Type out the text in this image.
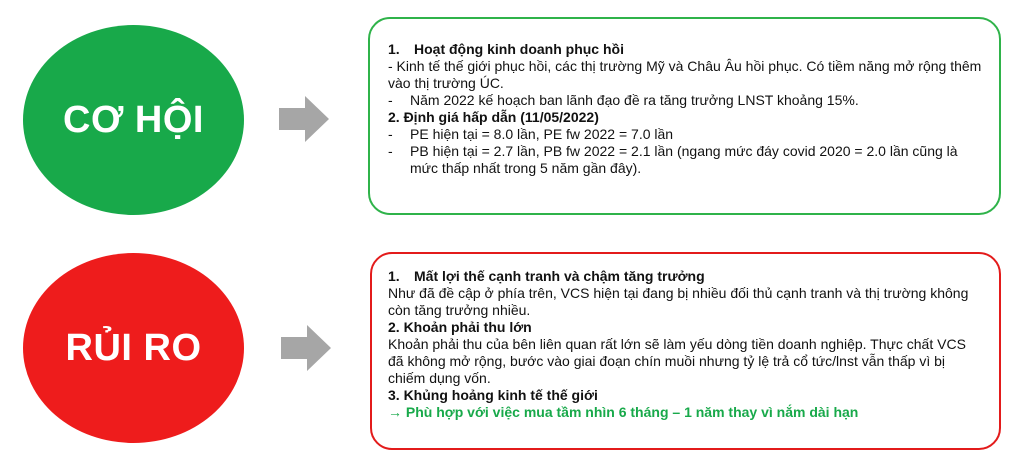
CƠ HỘI
1. Hoạt động kinh doanh phục hồi
- Kinh tế thế giới phục hồi, các thị trường Mỹ và Châu Âu hồi phục. Có tiềm năng mở rộng thêm vào thị trường ÚC.
-	Năm 2022 kế hoạch ban lãnh đạo đề ra tăng trưởng LNST khoảng 15%.
2. Định giá hấp dẫn (11/05/2022)
-	PE hiện tại = 8.0 lần, PE fw 2022 = 7.0 lần
-	PB hiện tại = 2.7 lần, PB fw 2022 = 2.1 lần (ngang mức đáy covid 2020 = 2.0 lần cũng là mức thấp nhất trong 5 năm gần đây).
RỦI RO
1. Mất lợi thế cạnh tranh và chậm tăng trưởng
Như đã đề cập ở phía trên, VCS hiện tại đang bị nhiều đối thủ cạnh tranh và thị trường không còn tăng trưởng nhiều.
2. Khoản phải thu lớn
Khoản phải thu của bên liên quan rất lớn sẽ làm yếu dòng tiền doanh nghiệp. Thực chất VCS đã không mở rộng, bước vào giai đoạn chín muồi nhưng tỷ lệ trả cổ tức/lnst vẫn thấp vì bị chiếm dụng vốn.
3. Khủng hoảng kinh tế thế giới
→ Phù hợp với việc mua tầm nhìn 6 tháng – 1 năm thay vì nắm dài hạn
